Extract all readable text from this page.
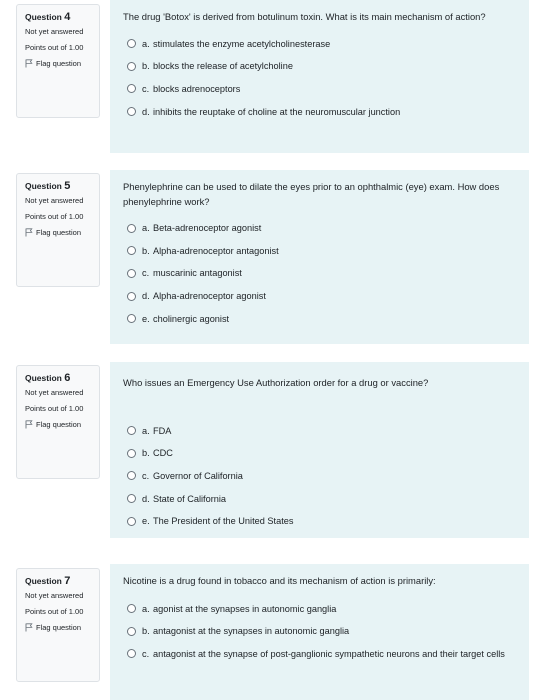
Question 4
Not yet answered
Points out of 1.00
Flag question
The drug 'Botox' is derived from botulinum toxin. What is its main mechanism of action?
a. stimulates the enzyme acetylcholinesterase
b. blocks the release of acetylcholine
c. blocks adrenoceptors
d. inhibits the reuptake of choline at the neuromuscular junction
Question 5
Not yet answered
Points out of 1.00
Flag question
Phenylephrine can be used to dilate the eyes prior to an ophthalmic (eye) exam. How does phenylephrine work?
a. Beta-adrenoceptor agonist
b. Alpha-adrenoceptor antagonist
c. muscarinic antagonist
d. Alpha-adrenoceptor agonist
e. cholinergic agonist
Question 6
Not yet answered
Points out of 1.00
Flag question
Who issues an Emergency Use Authorization order for a drug or vaccine?
a. FDA
b. CDC
c. Governor of California
d. State of California
e. The President of the United States
Question 7
Not yet answered
Points out of 1.00
Flag question
Nicotine is a drug found in tobacco and its mechanism of action is primarily:
a. agonist at the synapses in autonomic ganglia
b. antagonist at the synapses in autonomic ganglia
c. antagonist at the synapse of post-ganglionic sympathetic neurons and their target cells
